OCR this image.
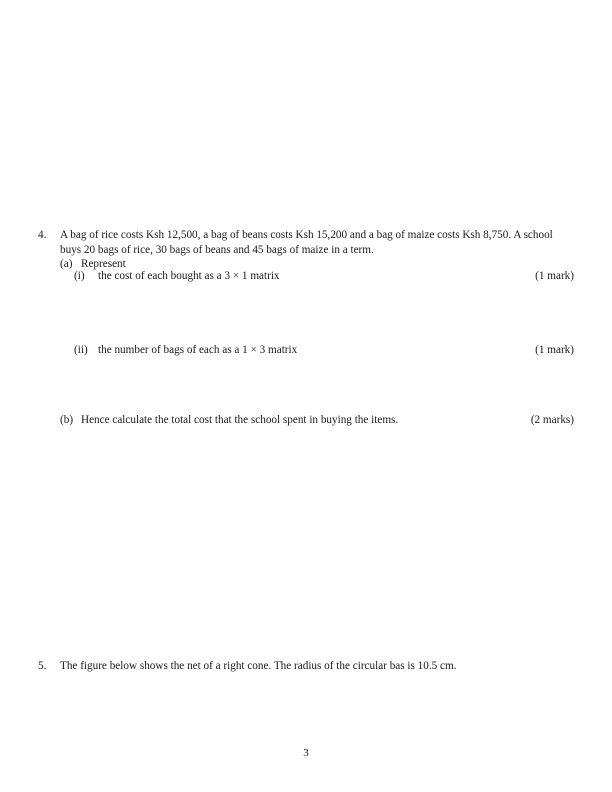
4.	A bag of rice costs Ksh 12,500, a bag of beans costs Ksh 15,200 and a bag of maize costs Ksh 8,750. A school buys 20 bags of rice, 30 bags of beans and 45 bags of maize in a term.
(a) Represent
(i)	the cost of each bought as a 3 × 1 matrix	(1 mark)
(ii) the number of bags of each as a 1 × 3 matrix	(1 mark)
(b) Hence calculate the total cost that the school spent in buying the items.	(2 marks)
5.	The figure below shows the net of a right cone. The radius of the circular bas is 10.5 cm.
3
